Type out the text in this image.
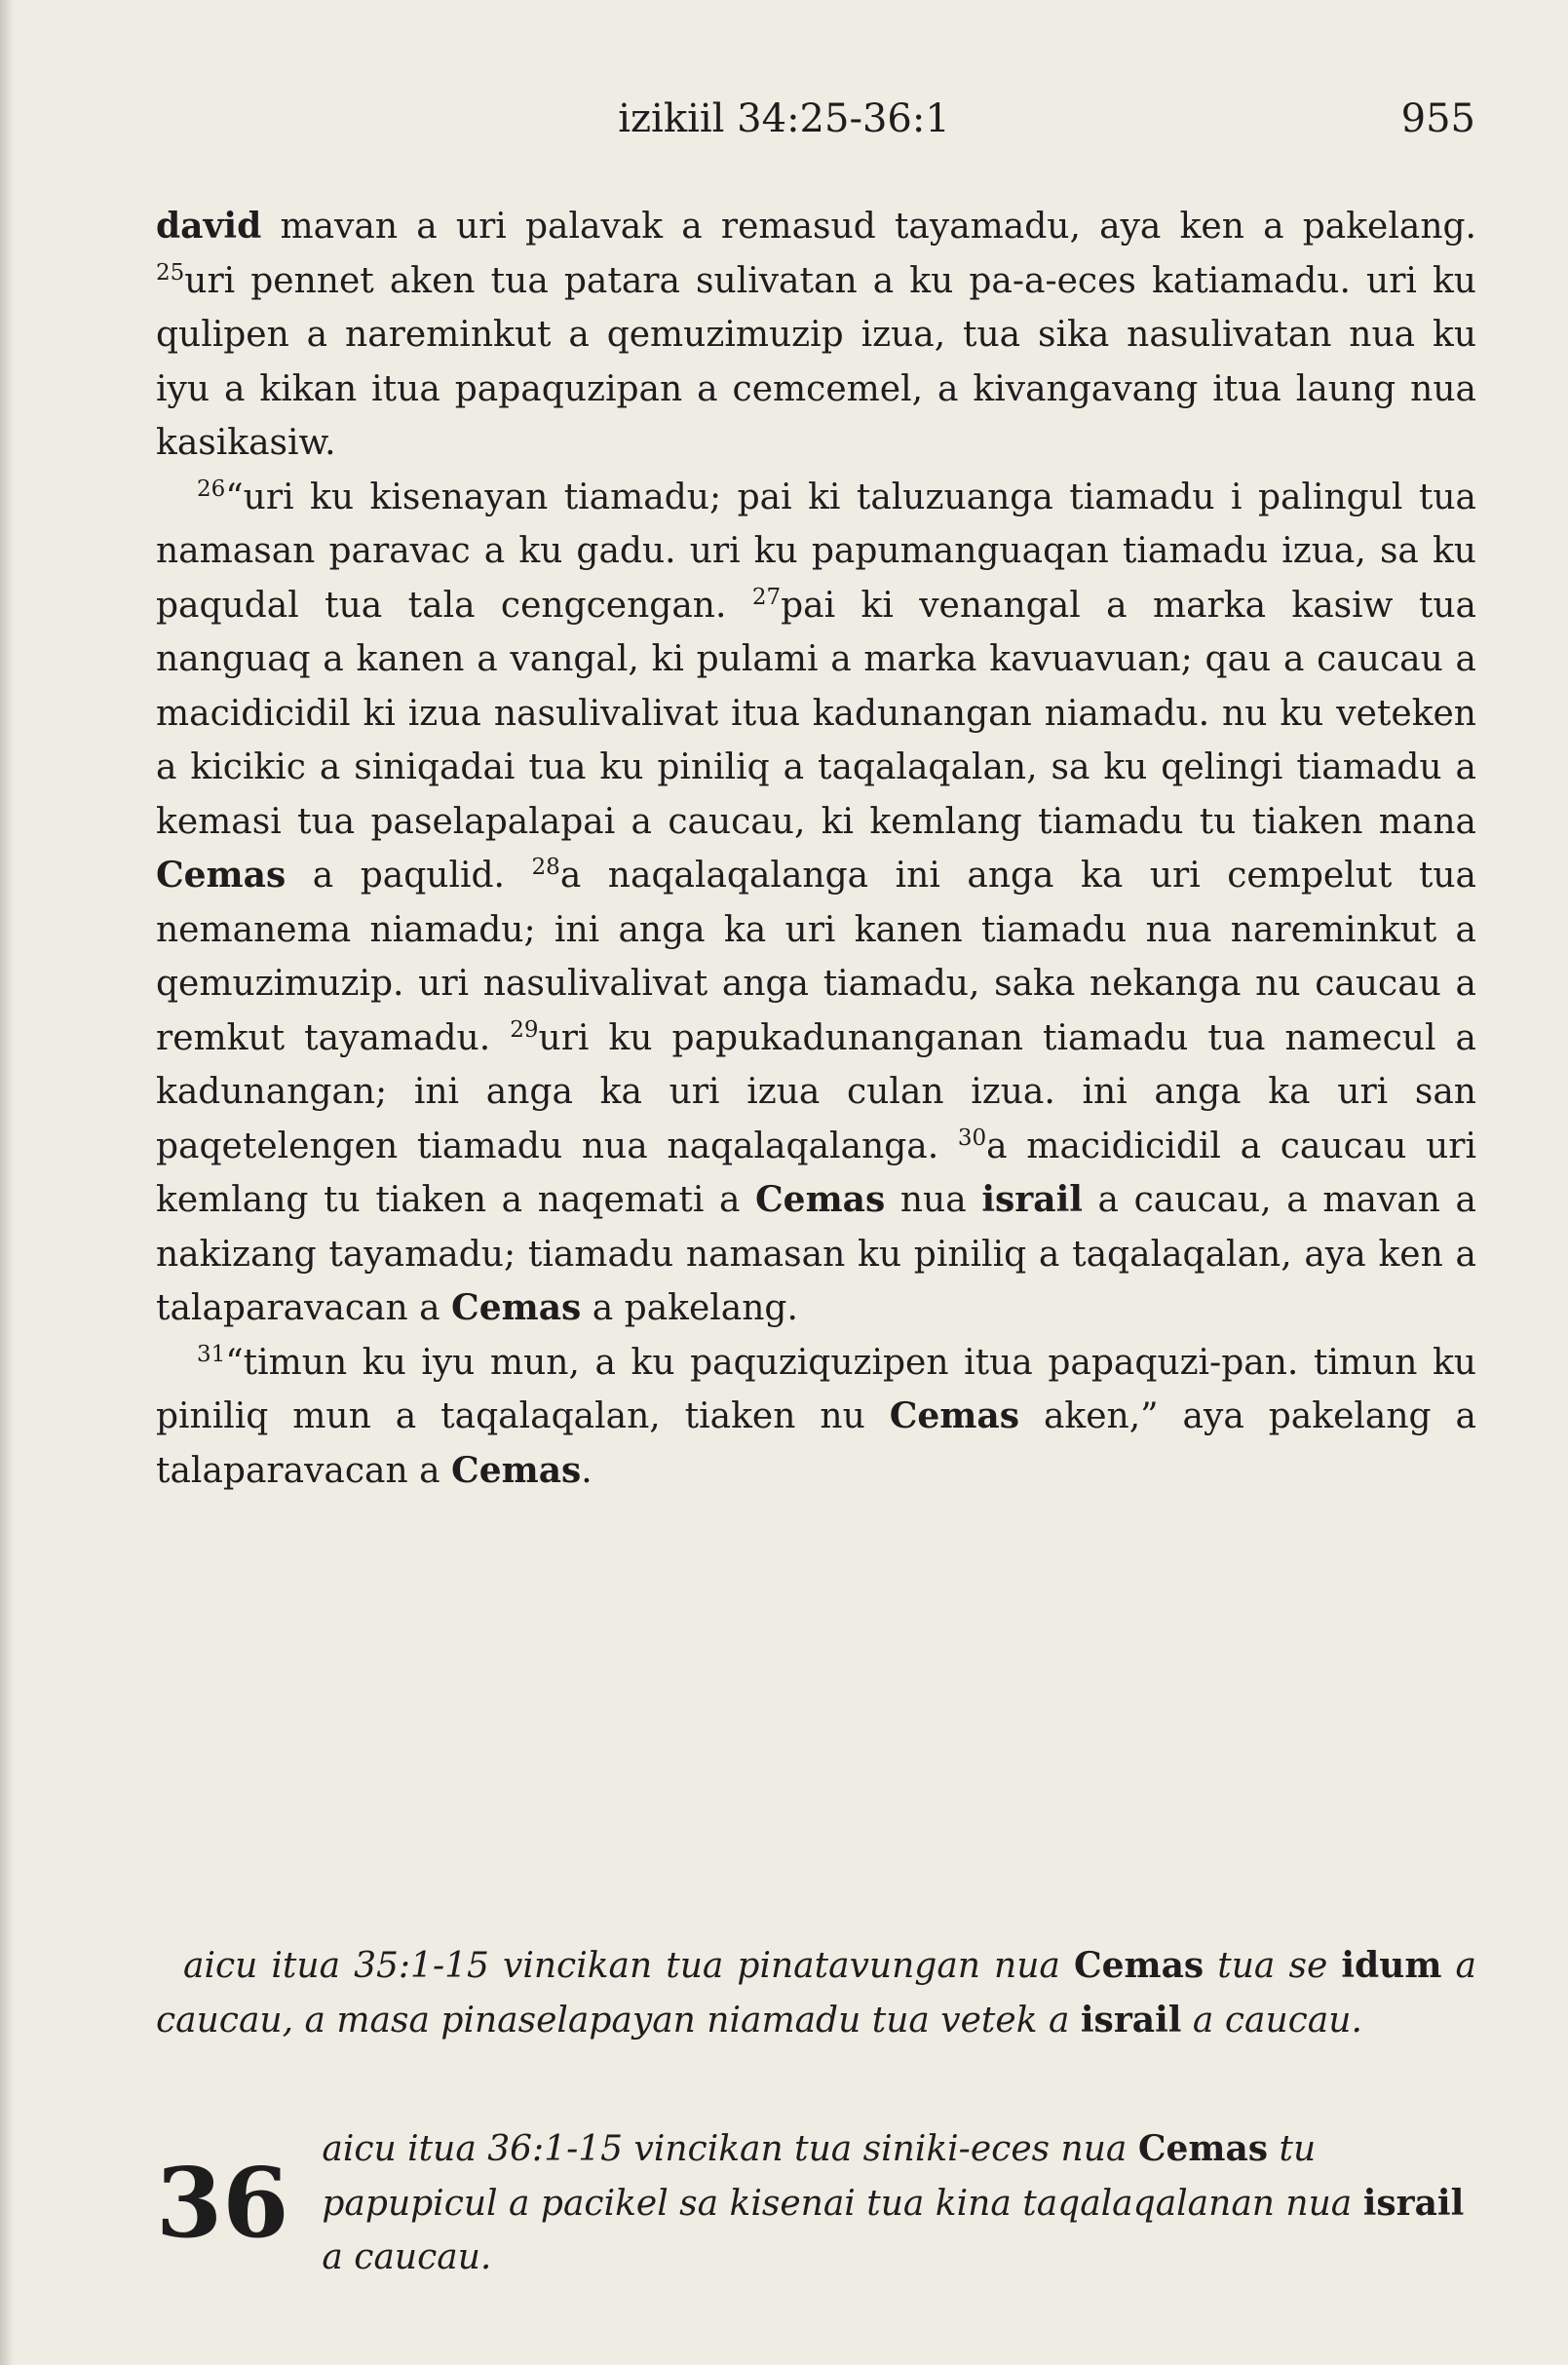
izikiil 34:25-36:1	955

david mavan a uri palavak a remasud tayamadu, aya ken a pakelang. $^{25}$uri pennet aken tua patara sulivatan a ku pa-a-eces katiamadu. uri ku qulipen a nareminkut a qemuzimuzip izua, tua sika nasulivatan nua ku iyu a kikan itua papaquzipan a cemcemel, a kivangavang itua laung nua kasikasiw.

$^{26}$“uri ku kisenayan tiamadu; pai ki taluzuanga tiamadu i palingul tua namasan paravac a ku gadu. uri ku papumanguaqan tiamadu izua, sa ku paqudal tua tala cengcengan. $^{27}$pai ki venangal a marka kasiw tua nanguaq a kanen a vangal, ki pulami a marka kavuavuan; qau a caucau a macidicidil ki izua nasulivalivat itua kadunangan niamadu. nu ku veteken a kicikic a siniqadai tua ku piniliq a taqalaqalan, sa ku qelingi tiamadu a kemasi tua paselapalapai a caucau, ki kemlang tiamadu tu tiaken mana Cemas a paqulid. $^{28}$a naqalaqalanga ini anga ka uri cempelut tua nemanema niamadu; ini anga ka uri kanen tiamadu nua nareminkut a qemuzimuzip. uri nasulivalivat anga tiamadu, saka nekanga nu caucau a remkut tayamadu. $^{29}$uri ku papukadunanganan tiamadu tua namecul a kadunangan; ini anga ka uri izua culan izua. ini anga ka uri san paqetelengen tiamadu nua naqalaqalanga. $^{30}$a macidicidil a caucau uri kemlang tu tiaken a naqemati a Cemas nua israil a caucau, a mavan a nakizang tayamadu; tiamadu namasan ku piniliq a taqalaqalan, aya ken a talaparavacan a Cemas a pakelang.

$^{31}$“timun ku iyu mun, a ku paquziquzipen itua papaquzi-pan. timun ku piniliq mun a taqalaqalan, tiaken nu Cemas aken,” aya pakelang a talaparavacan a Cemas.

aicu itua 35:1-15 vincikan tua pinatavungan nua Cemas tua se idum a caucau, a masa pinaselapayan niamadu tua vetek a israil a caucau.
36 aicu itua 36:1-15 vincikan tua siniki-eces nua Cemas tu papupicul a pacikel sa kisenai tua kina taqalaqalanan nua israil a caucau.
